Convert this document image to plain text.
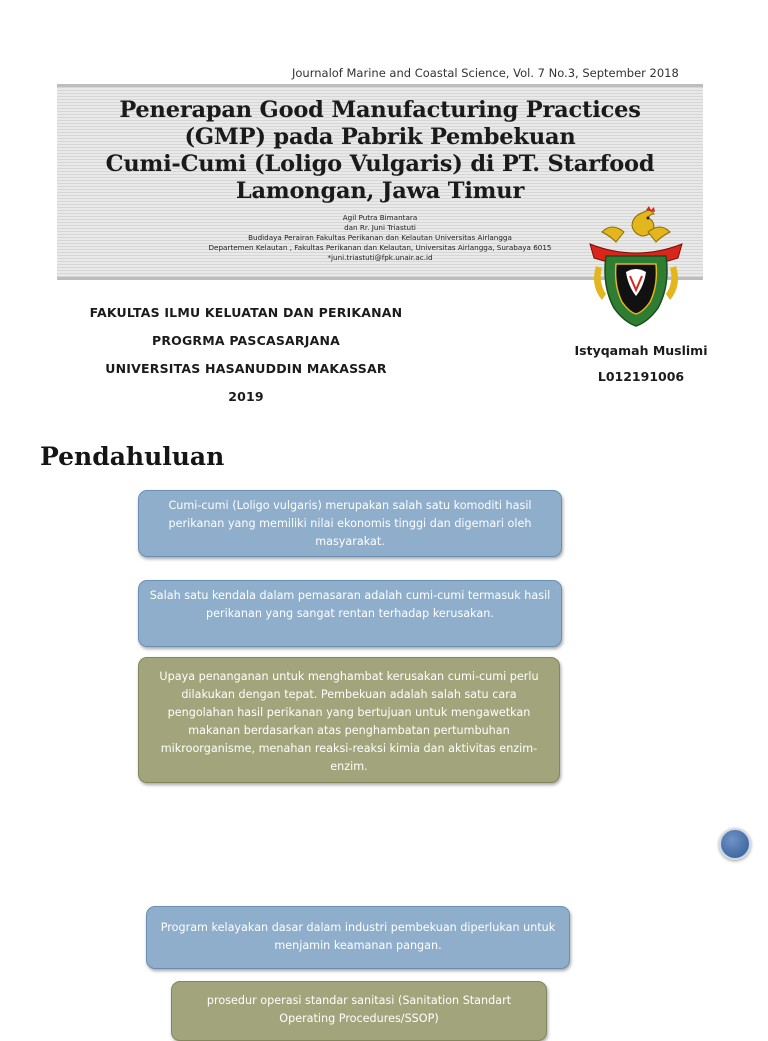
Journalof Marine and Coastal Science, Vol. 7 No.3, September 2018
Penerapan Good Manufacturing Practices
(GMP) pada Pabrik Pembekuan
Cumi-Cumi (Loligo Vulgaris) di PT. Starfood
Lamongan, Jawa Timur
Agil Putra Bimantara
dan Rr. Juni Triastuti
Budidaya Perairan Fakultas Perikanan dan Kelautan Universitas Airlangga
Departemen Kelautan , Fakultas Perikanan dan Kelautan, Universitas Airlangga, Surabaya 6015
*juni.triastuti@fpk.unair.ac.id
FAKULTAS ILMU KELUATAN DAN PERIKANAN
PROGRMA PASCASARJANA
UNIVERSITAS HASANUDDIN MAKASSAR
2019
Istyqamah Muslimi
L012191006
Pendahuluan
Cumi-cumi (Loligo vulgaris) merupakan salah satu komoditi hasil perikanan yang memiliki nilai ekonomis tinggi dan digemari oleh masyarakat.
Salah satu kendala dalam pemasaran adalah cumi-cumi termasuk hasil perikanan yang sangat rentan terhadap kerusakan.
Upaya penanganan untuk menghambat kerusakan cumi-cumi perlu dilakukan dengan tepat. Pembekuan adalah salah satu cara pengolahan hasil perikanan yang bertujuan untuk mengawetkan makanan berdasarkan atas penghambatan pertumbuhan mikroorganisme, menahan reaksi-reaksi kimia dan aktivitas enzim-enzim.
Program kelayakan dasar dalam industri pembekuan diperlukan untuk menjamin keamanan pangan.
prosedur operasi standar sanitasi (Sanitation Standart Operating Procedures/SSOP)
